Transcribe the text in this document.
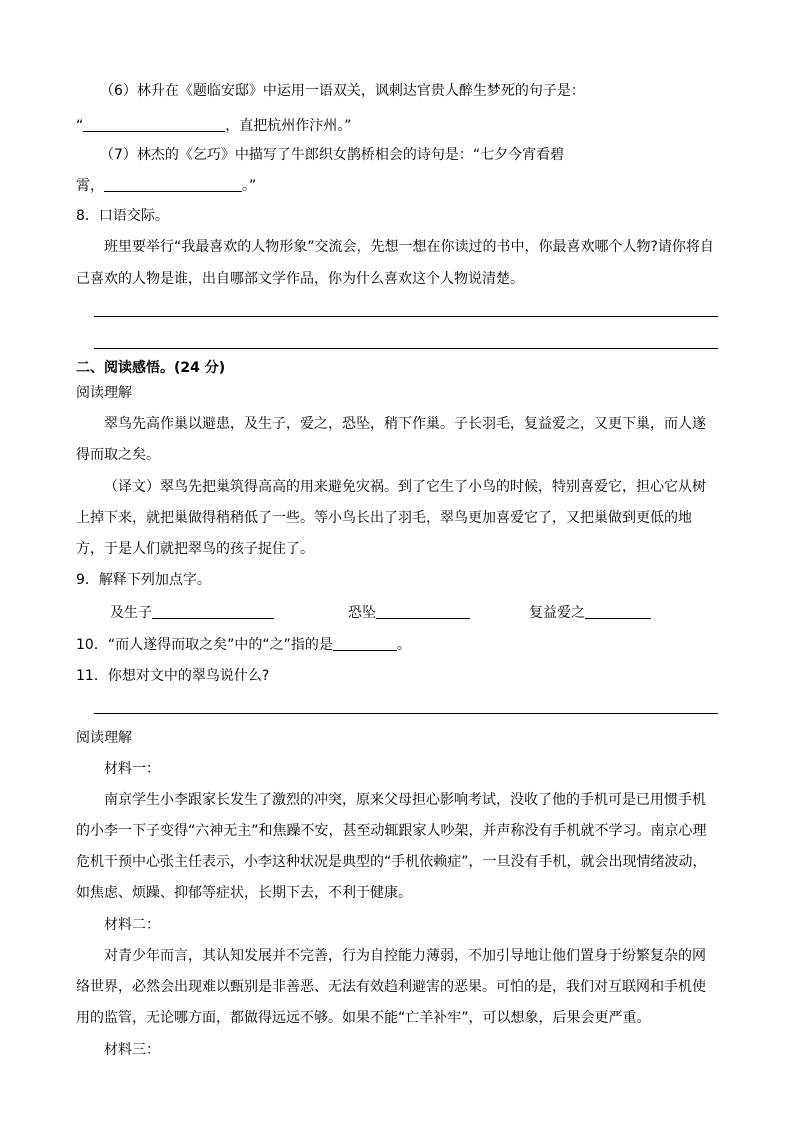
（6）林升在《题临安邸》中运用一语双关，讽刺达官贵人醉生梦死的句子是：
“	，直把杭州作汴州。”
（7）林杰的《乞巧》中描写了牛郎织女鹊桥相会的诗句是：“七夕今宵看碧
霄，	。”
8．口语交际。
班里要举行“我最喜欢的人物形象”交流会，先想一想在你读过的书中，你最喜欢哪个人物?请你将自
己喜欢的人物是谁，出自哪部文学作品，你为什么喜欢这个人物说清楚。
二、阅读感悟。(24 分)
阅读理解
翠鸟先高作巢以避患，及生子，爱之，恐坠，稍下作巢。子长羽毛，复益爱之，又更下巢，而人遂
得而取之矣。
（译文）翠鸟先把巢筑得高高的用来避免灾祸。到了它生了小鸟的时候，特别喜爱它，担心它从树
上掉下来，就把巢做得稍稍低了一些。等小鸟长出了羽毛，翠鸟更加喜爱它了，又把巢做到更低的地
方，于是人们就把翠鸟的孩子捉住了。
9．解释下列加点字。
及生子	恐坠	复益爱之
10．“而人遂得而取之矣”中的“之”指的是	。
11．你想对文中的翠鸟说什么?
阅读理解
材料一：
南京学生小李跟家长发生了激烈的冲突，原来父母担心影响考试，没收了他的手机可是已用惯手机
的小李一下子变得“六神无主”和焦躁不安，甚至动辄跟家人吵架，并声称没有手机就不学习。南京心理
危机干预中心张主任表示，小李这种状况是典型的“手机依赖症”，一旦没有手机，就会出现情绪波动，
如焦虑、烦躁、抑郁等症状，长期下去，不利于健康。
材料二：
对青少年而言，其认知发展并不完善，行为自控能力薄弱，不加引导地让他们置身于纷繁复杂的网
络世界，必然会出现难以甄别是非善恶、无法有效趋利避害的恶果。可怕的是，我们对互联网和手机使
用的监管，无论哪方面，都做得远远不够。如果不能“亡羊补牢”，可以想象，后果会更严重。
材料三：
